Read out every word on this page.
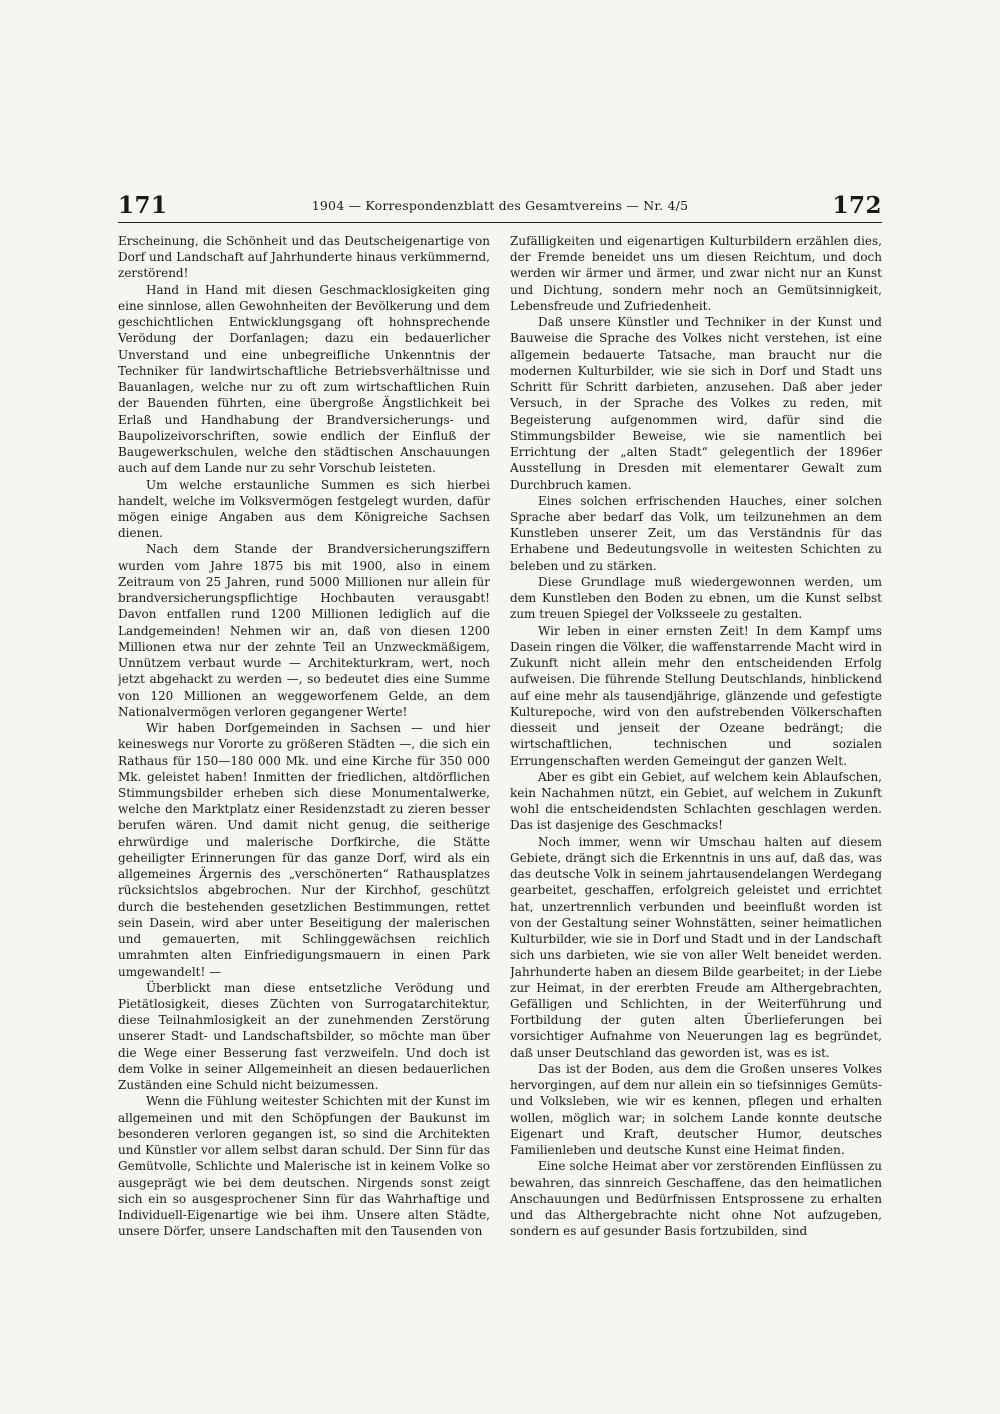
171	1904 — Korrespondenzblatt des Gesamtvereins — Nr. 4/5	172

Erscheinung, die Schönheit und das Deutscheigenartige von Dorf und Landschaft auf Jahrhunderte hinaus verkümmernd, zerstörend!

Hand in Hand mit diesen Geschmacklosigkeiten ging eine sinnlose, allen Gewohnheiten der Bevölkerung und dem geschichtlichen Entwicklungsgang oft hohnsprechende Verödung der Dorfanlagen; dazu ein bedauerlicher Unverstand und eine unbegreifliche Unkenntnis der Techniker für landwirtschaftliche Betriebsverhältnisse und Bauanlagen, welche nur zu oft zum wirtschaftlichen Ruin der Bauenden führten, eine übergroße Ängstlichkeit bei Erlaß und Handhabung der Brandversicherungs- und Baupolizeivorschriften, sowie endlich der Einfluß der Baugewerkschulen, welche den städtischen Anschauungen auch auf dem Lande nur zu sehr Vorschub leisteten.

Um welche erstaunliche Summen es sich hierbei handelt, welche im Volksvermögen festgelegt wurden, dafür mögen einige Angaben aus dem Königreiche Sachsen dienen.

Nach dem Stande der Brandversicherungsziffern wurden vom Jahre 1875 bis mit 1900, also in einem Zeitraum von 25 Jahren, rund 5000 Millionen nur allein für brandversicherungspflichtige Hochbauten verausgabt! Davon entfallen rund 1200 Millionen lediglich auf die Landgemeinden! Nehmen wir an, daß von diesen 1200 Millionen etwa nur der zehnte Teil an Unzweckmäßigem, Unnützem verbaut wurde — Architekturkram, wert, noch jetzt abgehackt zu werden —, so bedeutet dies eine Summe von 120 Millionen an weggeworfenem Gelde, an dem Nationalvermögen verloren gegangener Werte!

Wir haben Dorfgemeinden in Sachsen — und hier keineswegs nur Vororte zu größeren Städten —, die sich ein Rathaus für 150—180 000 Mk. und eine Kirche für 350 000 Mk. geleistet haben! Inmitten der friedlichen, altdörflichen Stimmungsbilder erheben sich diese Monumentalwerke, welche den Marktplatz einer Residenzstadt zu zieren besser berufen wären. Und damit nicht genug, die seitherige ehrwürdige und malerische Dorfkirche, die Stätte geheiligter Erinnerungen für das ganze Dorf, wird als ein allgemeines Ärgernis des „verschönerten“ Rathausplatzes rücksichtslos abgebrochen. Nur der Kirchhof, geschützt durch die bestehenden gesetzlichen Bestimmungen, rettet sein Dasein, wird aber unter Beseitigung der malerischen und gemauerten, mit Schlinggewächsen reichlich umrahmten alten Einfriedigungsmauern in einen Park umgewandelt! —

Überblickt man diese entsetzliche Verödung und Pietätlosigkeit, dieses Züchten von Surrogatarchitektur, diese Teilnahmlosigkeit an der zunehmenden Zerstörung unserer Stadt- und Landschaftsbilder, so möchte man über die Wege einer Besserung fast verzweifeln. Und doch ist dem Volke in seiner Allgemeinheit an diesen bedauerlichen Zuständen eine Schuld nicht beizumessen.

Wenn die Fühlung weitester Schichten mit der Kunst im allgemeinen und mit den Schöpfungen der Baukunst im besonderen verloren gegangen ist, so sind die Architekten und Künstler vor allem selbst daran schuld. Der Sinn für das Gemütvolle, Schlichte und Malerische ist in keinem Volke so ausgeprägt wie bei dem deutschen. Nirgends sonst zeigt sich ein so ausgesprochener Sinn für das Wahrhaftige und Individuell-Eigenartige wie bei ihm. Unsere alten Städte, unsere Dörfer, unsere Landschaften mit den Tausenden von

Zufälligkeiten und eigenartigen Kulturbildern erzählen dies, der Fremde beneidet uns um diesen Reichtum, und doch werden wir ärmer und ärmer, und zwar nicht nur an Kunst und Dichtung, sondern mehr noch an Gemütsinnigkeit, Lebensfreude und Zufriedenheit.

Daß unsere Künstler und Techniker in der Kunst und Bauweise die Sprache des Volkes nicht verstehen, ist eine allgemein bedauerte Tatsache, man braucht nur die modernen Kulturbilder, wie sie sich in Dorf und Stadt uns Schritt für Schritt darbieten, anzusehen. Daß aber jeder Versuch, in der Sprache des Volkes zu reden, mit Begeisterung aufgenommen wird, dafür sind die Stimmungsbilder Beweise, wie sie namentlich bei Errichtung der „alten Stadt“ gelegentlich der 1896er Ausstellung in Dresden mit elementarer Gewalt zum Durchbruch kamen.

Eines solchen erfrischenden Hauches, einer solchen Sprache aber bedarf das Volk, um teilzunehmen an dem Kunstleben unserer Zeit, um das Verständnis für das Erhabene und Bedeutungsvolle in weitesten Schichten zu beleben und zu stärken.

Diese Grundlage muß wiedergewonnen werden, um dem Kunstleben den Boden zu ebnen, um die Kunst selbst zum treuen Spiegel der Volksseele zu gestalten.

Wir leben in einer ernsten Zeit! In dem Kampf ums Dasein ringen die Völker, die waffenstarrende Macht wird in Zukunft nicht allein mehr den entscheidenden Erfolg aufweisen. Die führende Stellung Deutschlands, hinblickend auf eine mehr als tausendjährige, glänzende und gefestigte Kulturepoche, wird von den aufstrebenden Völkerschaften diesseit und jenseit der Ozeane bedrängt; die wirtschaftlichen, technischen und sozialen Errungenschaften werden Gemeingut der ganzen Welt.

Aber es gibt ein Gebiet, auf welchem kein Ablaufschen, kein Nachahmen nützt, ein Gebiet, auf welchem in Zukunft wohl die entscheidendsten Schlachten geschlagen werden. Das ist dasjenige des Geschmacks!

Noch immer, wenn wir Umschau halten auf diesem Gebiete, drängt sich die Erkenntnis in uns auf, daß das, was das deutsche Volk in seinem jahrtausendelangen Werdegang gearbeitet, geschaffen, erfolgreich geleistet und errichtet hat, unzertrennlich verbunden und beeinflußt worden ist von der Gestaltung seiner Wohnstätten, seiner heimatlichen Kulturbilder, wie sie in Dorf und Stadt und in der Landschaft sich uns darbieten, wie sie von aller Welt beneidet werden. Jahrhunderte haben an diesem Bilde gearbeitet; in der Liebe zur Heimat, in der ererbten Freude am Althergebrachten, Gefälligen und Schlichten, in der Weiterführung und Fortbildung der guten alten Überlieferungen bei vorsichtiger Aufnahme von Neuerungen lag es begründet, daß unser Deutschland das geworden ist, was es ist.

Das ist der Boden, aus dem die Großen unseres Volkes hervorgingen, auf dem nur allein ein so tiefsinniges Gemüts- und Volksleben, wie wir es kennen, pflegen und erhalten wollen, möglich war; in solchem Lande konnte deutsche Eigenart und Kraft, deutscher Humor, deutsches Familienleben und deutsche Kunst eine Heimat finden.

Eine solche Heimat aber vor zerstörenden Einflüssen zu bewahren, das sinnreich Geschaffene, das den heimatlichen Anschauungen und Bedürfnissen Entsprossene zu erhalten und das Althergebrachte nicht ohne Not aufzugeben, sondern es auf gesunder Basis fortzubilden, sind
